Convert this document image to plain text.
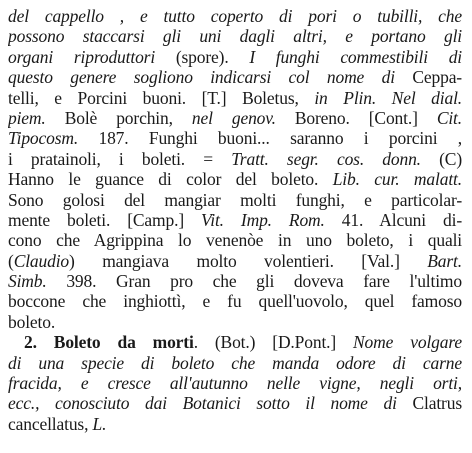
del cappello , e tutto coperto di pori o tubilli, che
possono staccarsi gli uni dagli altri, e portano gli
organi riproduttori (spore). I funghi commestibili di
questo genere sogliono indicarsi col nome di Ceppa-
telli, e Porcini buoni. [T.] Boletus, in Plin. Nel dial.
piem. Bolè porchin, nel genov. Boreno. [Cont.] Cit.
Tipocosm. 187. Funghi buoni... saranno i porcini ,
i pratainoli, i boleti. = Tratt. segr. cos. donn. (C)
Hanno le guance di color del boleto. Lib. cur. malatt.
Sono golosi del mangiar molti funghi, e particolar-
mente boleti. [Camp.] Vit. Imp. Rom. 41. Alcuni di-
cono che Agrippina lo venenòe in uno boleto, i quali
(Claudio) mangiava molto volentieri. [Val.] Bart.
Simb. 398. Gran pro che gli doveva fare l'ultimo
boccone che inghiottì, e fu quell'uovolo, quel famoso
boleto.
2. Boleto da morti. (Bot.) [D.Pont.] Nome volgare
di una specie di boleto che manda odore di carne
fracida, e cresce all'autunno nelle vigne, negli orti,
ecc., conosciuto dai Botanici sotto il nome di Clatrus
cancellatus, L.
